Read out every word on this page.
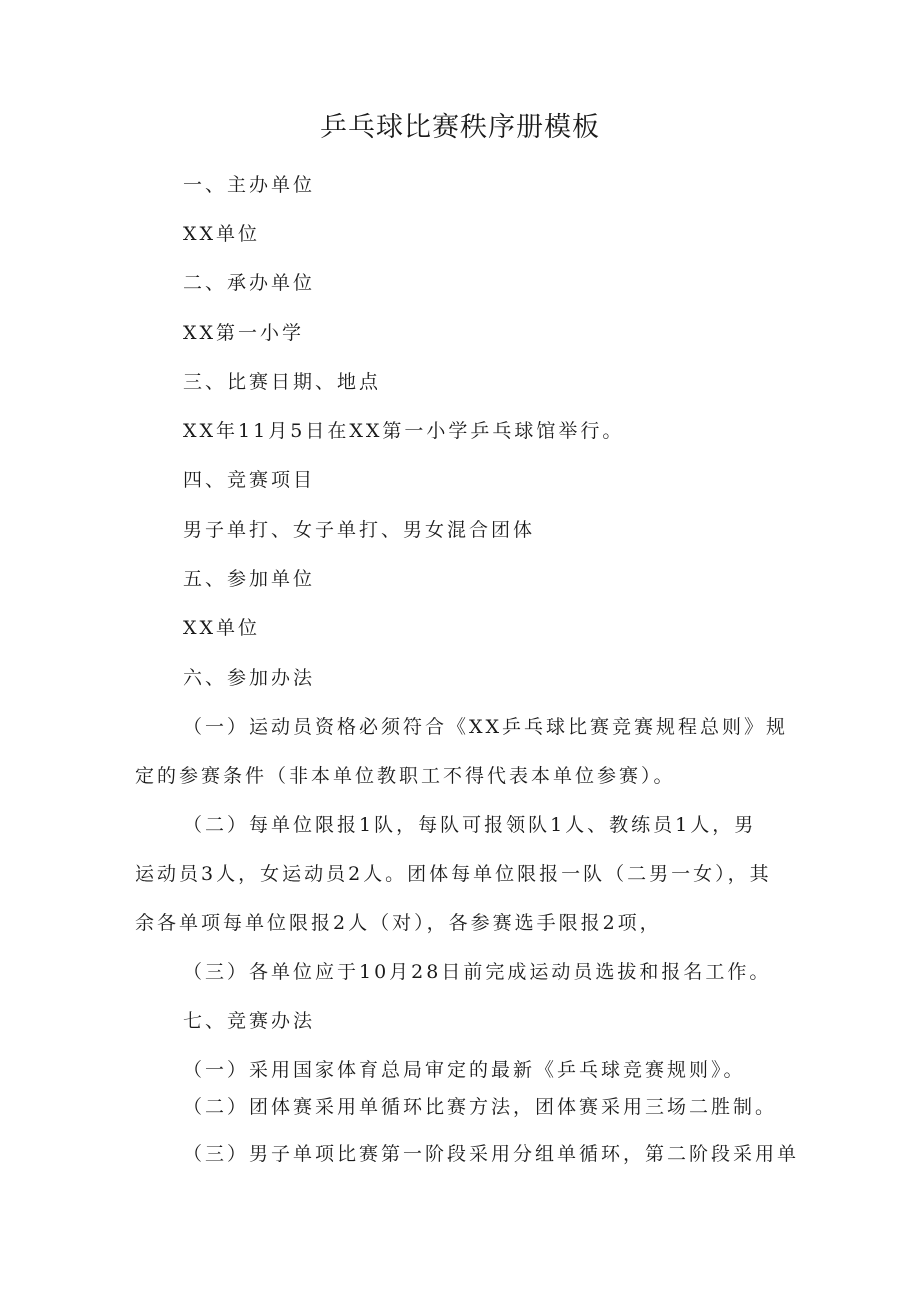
乒乓球比赛秩序册模板
一、主办单位
XX单位
二、承办单位
XX第一小学
三、比赛日期、地点
XX年11月5日在XX第一小学乒乓球馆举行。
四、竞赛项目
男子单打、女子单打、男女混合团体
五、参加单位
XX单位
六、参加办法
（一）运动员资格必须符合《XX乒乓球比赛竞赛规程总则》规
定的参赛条件（非本单位教职工不得代表本单位参赛）。
（二）每单位限报1队，每队可报领队1人、教练员1人，男
运动员3人，女运动员2人。团体每单位限报一队（二男一女），其
余各单项每单位限报2人（对），各参赛选手限报2项，
（三）各单位应于10月28日前完成运动员选拔和报名工作。
七、竞赛办法
（一）采用国家体育总局审定的最新《乒乓球竞赛规则》。
（二）团体赛采用单循环比赛方法，团体赛采用三场二胜制。
（三）男子单项比赛第一阶段采用分组单循环，第二阶段采用单
